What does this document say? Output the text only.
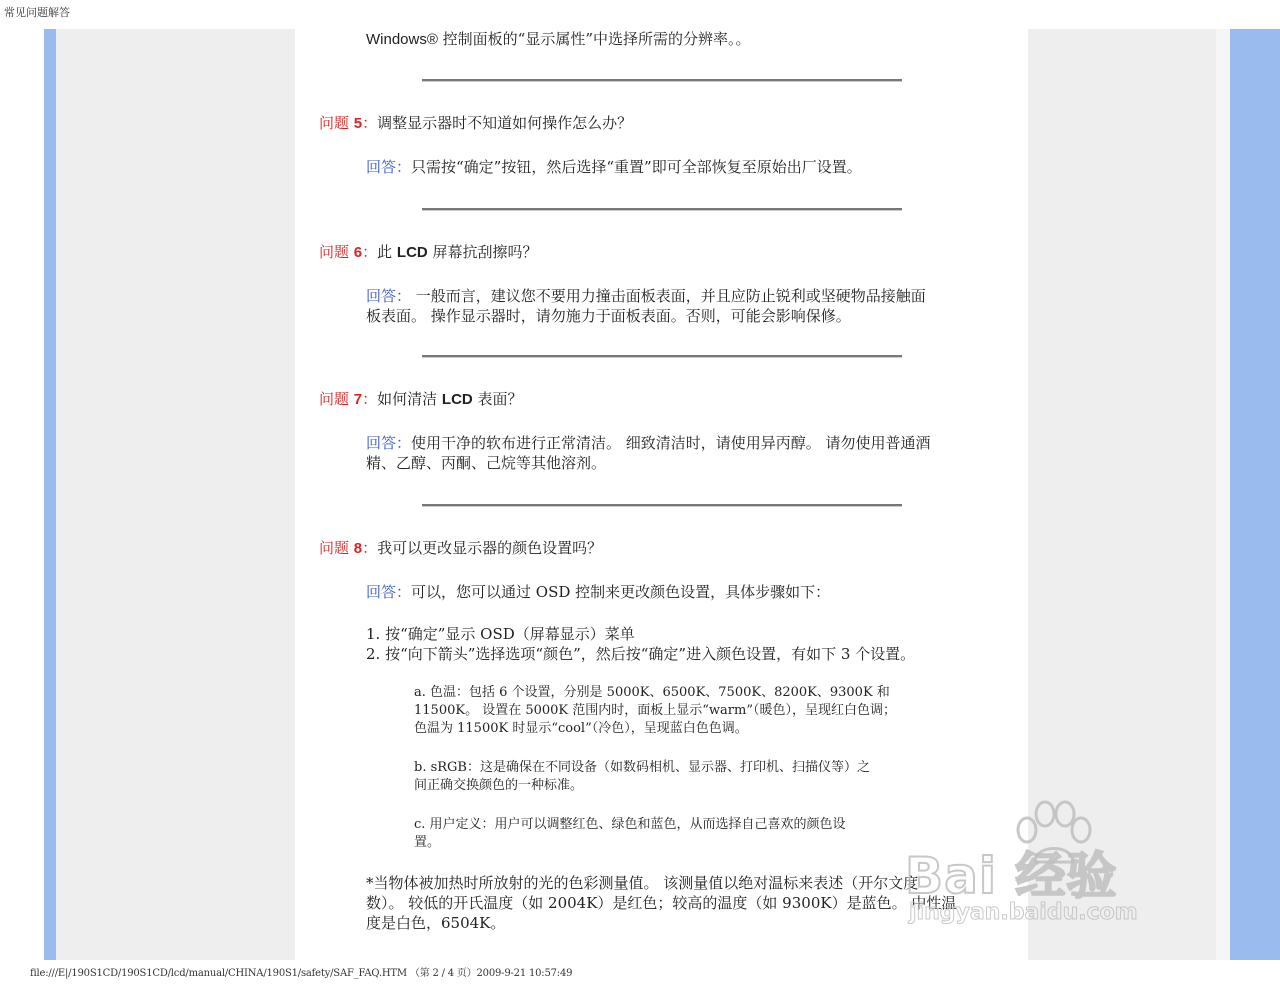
常见问题解答
Windows® 控制面板的“显示属性”中选择所需的分辨率。。
问题 5：调整显示器时不知道如何操作怎么办？
回答：只需按“确定”按钮，然后选择“重置”即可全部恢复至原始出厂设置。
问题 6：此 LCD 屏幕抗刮擦吗？
回答： 一般而言，建议您不要用力撞击面板表面，并且应防止锐利或坚硬物品接触面
板表面。 操作显示器时，请勿施力于面板表面。否则，可能会影响保修。
问题 7：如何清洁 LCD 表面？
回答：使用干净的软布进行正常清洁。 细致清洁时，请使用异丙醇。 请勿使用普通酒
精、乙醇、丙酮、己烷等其他溶剂。
问题 8：我可以更改显示器的颜色设置吗？
回答：可以，您可以通过 OSD 控制来更改颜色设置，具体步骤如下：
1. 按“确定”显示 OSD（屏幕显示）菜单
2. 按“向下箭头”选择选项“颜色”，然后按“确定”进入颜色设置，有如下 3 个设置。
a. 色温：包括 6 个设置，分别是 5000K、6500K、7500K、8200K、9300K 和
11500K。 设置在 5000K 范围内时，面板上显示“warm”（暖色），呈现红白色调；
色温为 11500K 时显示“cool”（冷色），呈现蓝白色色调。
b. sRGB：这是确保在不同设备（如数码相机、显示器、打印机、扫描仪等）之
间正确交换颜色的一种标准。
c. 用户定义：用户可以调整红色、绿色和蓝色，从而选择自己喜欢的颜色设
置。
*当物体被加热时所放射的光的色彩测量值。 该测量值以绝对温标来表述（开尔文度
数）。 较低的开氏温度（如 2004K）是红色；较高的温度（如 9300K）是蓝色。 中性温
度是白色，6504K。
Bai 经验
jingyan.baidu.com
file:///E|/190S1CD/190S1CD/lcd/manual/CHINA/190S1/safety/SAF_FAQ.HTM （第 2 / 4 页）2009-9-21 10:57:49
